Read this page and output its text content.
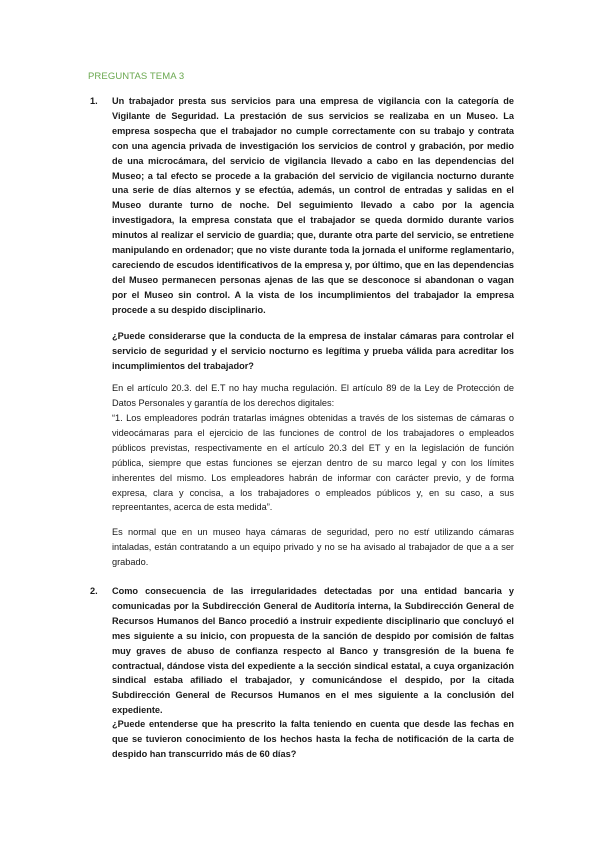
PREGUNTAS TEMA 3
1. Un trabajador presta sus servicios para una empresa de vigilancia con la categoría de Vigilante de Seguridad. La prestación de sus servicios se realizaba en un Museo. La empresa sospecha que el trabajador no cumple correctamente con su trabajo y contrata con una agencia privada de investigación los servicios de control y grabación, por medio de una microcámara, del servicio de vigilancia llevado a cabo en las dependencias del Museo; a tal efecto se procede a la grabación del servicio de vigilancia nocturno durante una serie de días alternos y se efectúa, además, un control de entradas y salidas en el Museo durante turno de noche. Del seguimiento llevado a cabo por la agencia investigadora, la empresa constata que el trabajador se queda dormido durante varios minutos al realizar el servicio de guardia; que, durante otra parte del servicio, se entretiene manipulando en ordenador; que no viste durante toda la jornada el uniforme reglamentario, careciendo de escudos identificativos de la empresa y, por último, que en las dependencias del Museo permanecen personas ajenas de las que se desconoce si abandonan o vagan por el Museo sin control. A la vista de los incumplimientos del trabajador la empresa procede a su despido disciplinario.

¿Puede considerarse que la conducta de la empresa de instalar cámaras para controlar el servicio de seguridad y el servicio nocturno es legítima y prueba válida para acreditar los incumplimientos del trabajador?

En el artículo 20.3. del E.T no hay mucha regulación. El artículo 89 de la Ley de Protección de Datos Personales y garantía de los derechos digitales:

“1. Los empleadores podrán tratarlas imágnes obtenidas a través de los sistemas de cámaras o videocámaras para el ejercicio de las funciones de control de los trabajadores o empleados públicos previstas, respectivamente en el artículo 20.3 del ET y en la legislación de función pública, siempre que estas funciones se ejerzan dentro de su marco legal y con los límites inherentes del mismo. Los empleadores habrán de informar con carácter previo, y de forma expresa, clara y concisa, a los trabajadores o empleados públicos y, en su caso, a sus repreentantes, acerca de esta medida”.

Es normal que en un museo haya cámaras de seguridad, pero no estŕ utilizando cámaras intaladas, están contratando a un equipo privado y no se ha avisado al trabajador de que a a ser grabado.

2. Como consecuencia de las irregularidades detectadas por una entidad bancaria y comunicadas por la Subdirección General de Auditoría interna, la Subdirección General de Recursos Humanos del Banco procedió a instruir expediente disciplinario que concluyó el mes siguiente a su inicio, con propuesta de la sanción de despido por comisión de faltas muy graves de abuso de confianza respecto al Banco y transgresión de la buena fe contractual, dándose vista del expediente a la sección sindical estatal, a cuya organización sindical estaba afiliado el trabajador, y comunicándose el despido, por la citada Subdirección General de Recursos Humanos en el mes siguiente a la conclusión del expediente.

¿Puede entenderse que ha prescrito la falta teniendo en cuenta que desde las fechas en que se tuvieron conocimiento de los hechos hasta la fecha de notificación de la carta de despido han transcurrido más de 60 días?
